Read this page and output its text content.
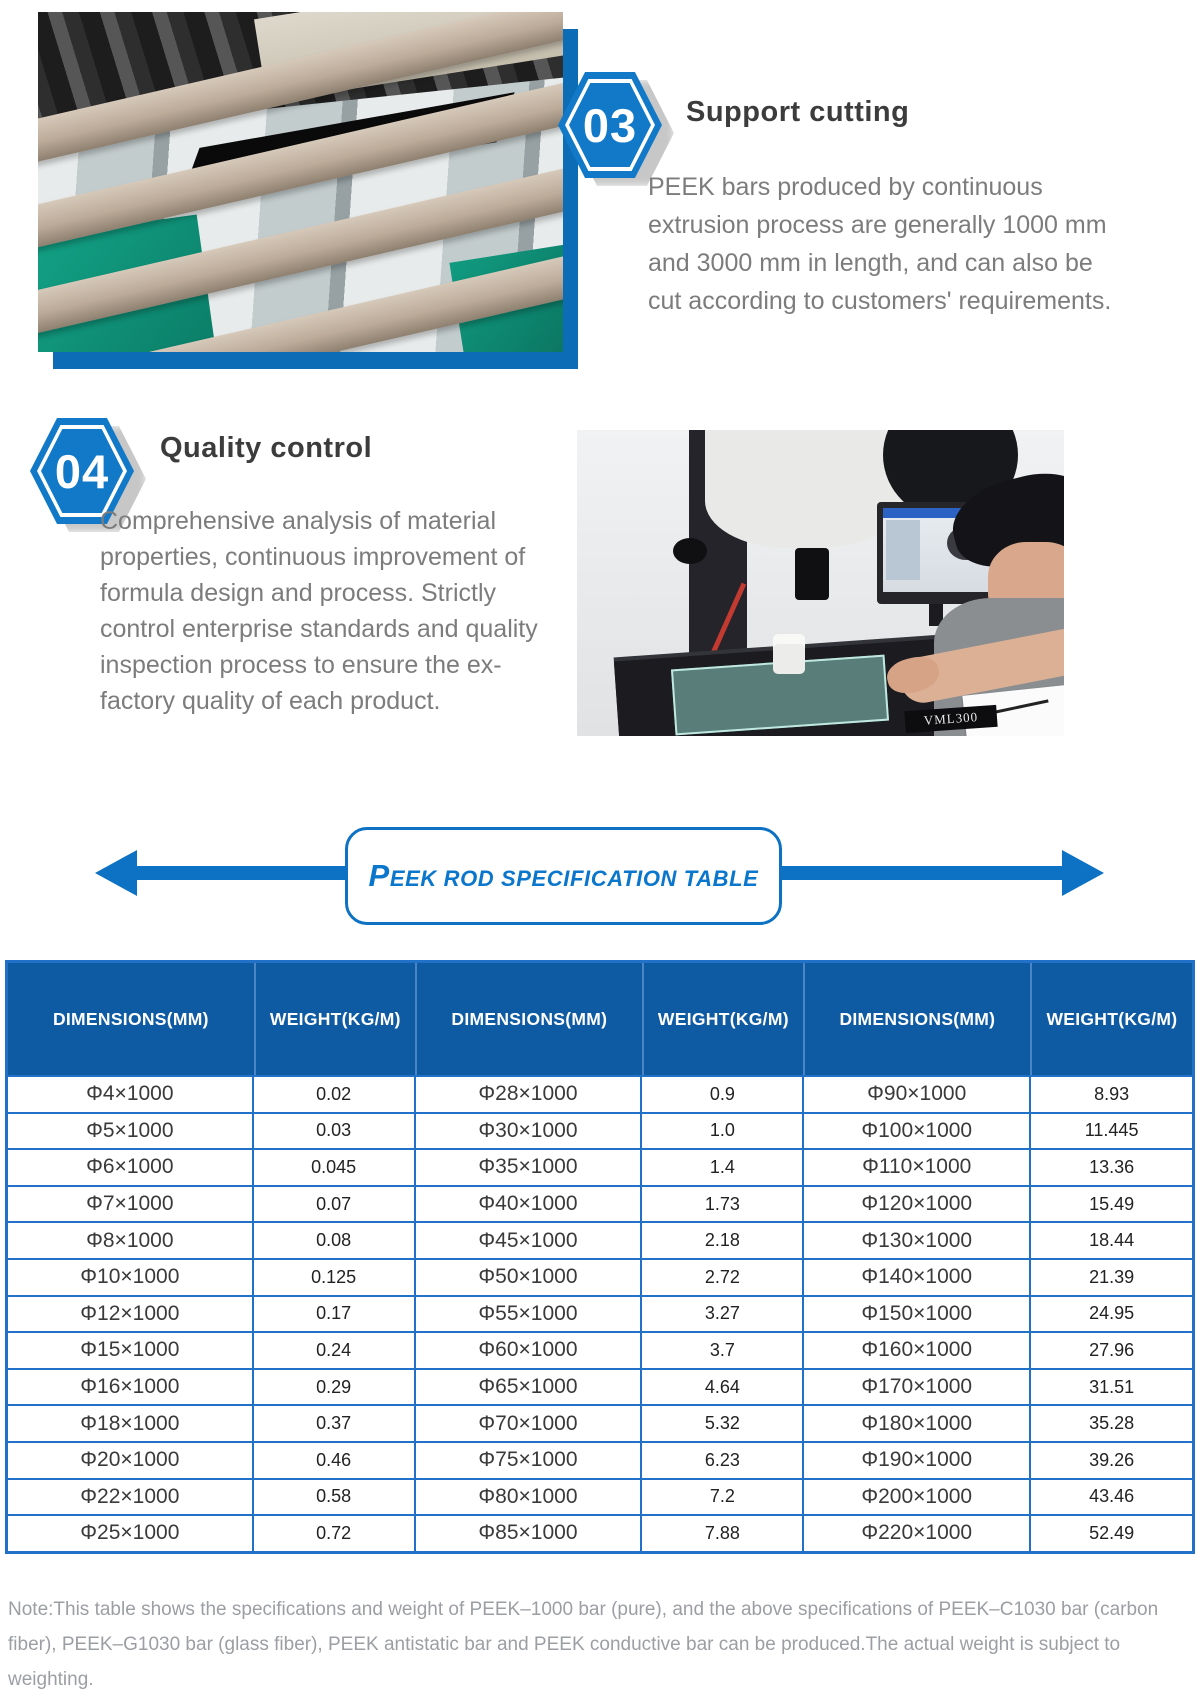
03	Support cutting
PEEK bars produced by continuous extrusion process are generally 1000 mm and 3000 mm in length, and can also be cut according to customers' requirements.
04	Quality control
Comprehensive analysis of material properties, continuous improvement of formula design and process. Strictly control enterprise standards and quality inspection process to ensure the ex-factory quality of each product.
VML300
PEEK ROD SPECIFICATION TABLE
DIMENSIONS(MM)	WEIGHT(KG/M)	DIMENSIONS(MM)	WEIGHT(KG/M)	DIMENSIONS(MM)	WEIGHT(KG/M)
Φ4×1000	0.02	Φ28×1000	0.9	Φ90×1000	8.93
Φ5×1000	0.03	Φ30×1000	1.0	Φ100×1000	11.445
Φ6×1000	0.045	Φ35×1000	1.4	Φ110×1000	13.36
Φ7×1000	0.07	Φ40×1000	1.73	Φ120×1000	15.49
Φ8×1000	0.08	Φ45×1000	2.18	Φ130×1000	18.44
Φ10×1000	0.125	Φ50×1000	2.72	Φ140×1000	21.39
Φ12×1000	0.17	Φ55×1000	3.27	Φ150×1000	24.95
Φ15×1000	0.24	Φ60×1000	3.7	Φ160×1000	27.96
Φ16×1000	0.29	Φ65×1000	4.64	Φ170×1000	31.51
Φ18×1000	0.37	Φ70×1000	5.32	Φ180×1000	35.28
Φ20×1000	0.46	Φ75×1000	6.23	Φ190×1000	39.26
Φ22×1000	0.58	Φ80×1000	7.2	Φ200×1000	43.46
Φ25×1000	0.72	Φ85×1000	7.88	Φ220×1000	52.49
Note:This table shows the specifications and weight of PEEK–1000 bar (pure), and the above specifications of PEEK–C1030 bar (carbon fiber), PEEK–G1030 bar (glass fiber), PEEK antistatic bar and PEEK conductive bar can be produced.The actual weight is subject to weighting.
